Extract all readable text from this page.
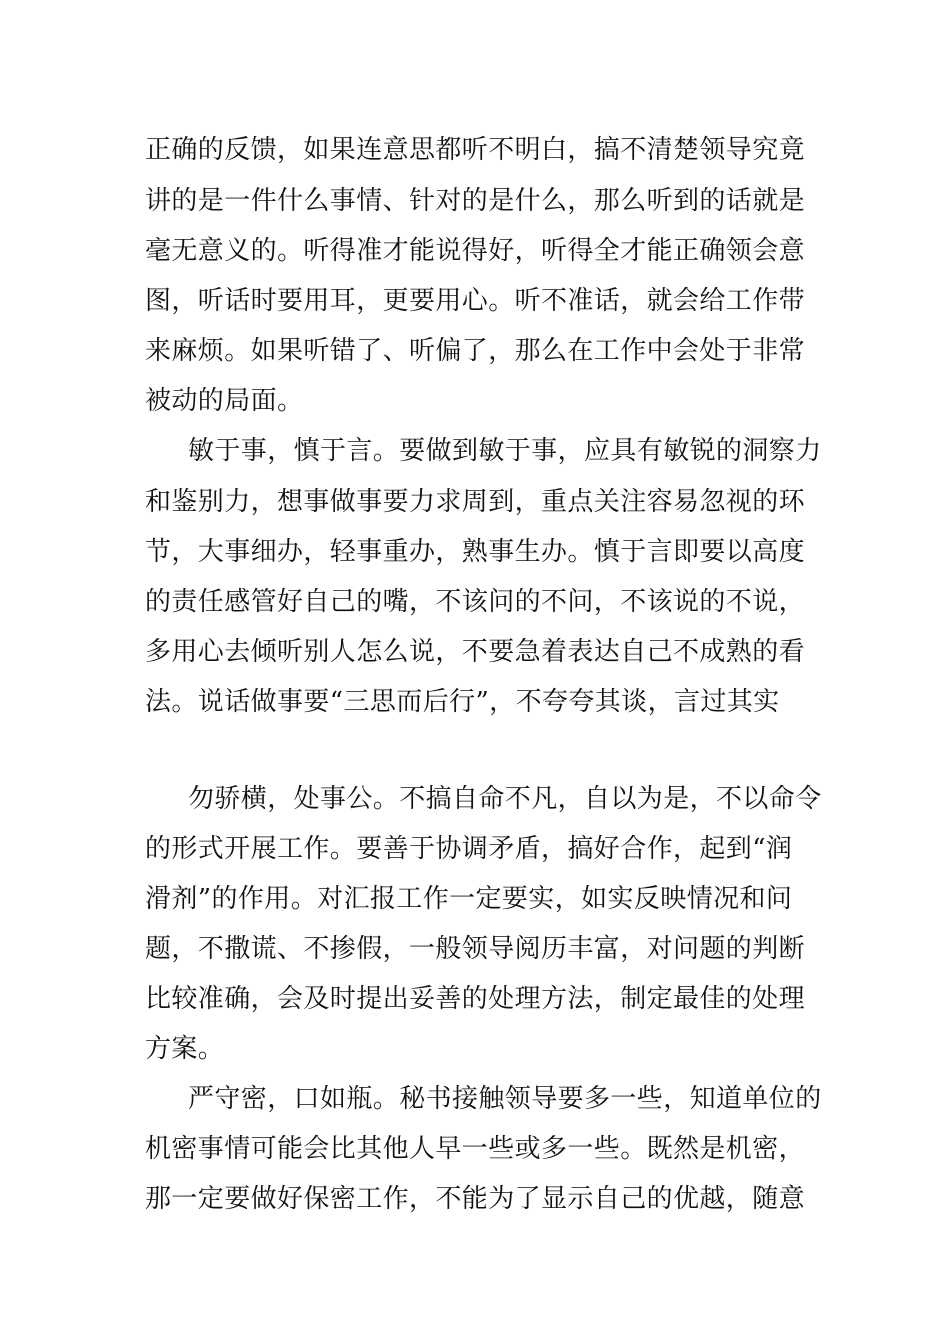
正确的反馈，如果连意思都听不明白，搞不清楚领导究竟
讲的是一件什么事情、针对的是什么，那么听到的话就是
毫无意义的。听得准才能说得好，听得全才能正确领会意
图，听话时要用耳，更要用心。听不准话，就会给工作带
来麻烦。如果听错了、听偏了，那么在工作中会处于非常
被动的局面。
敏于事，慎于言。要做到敏于事，应具有敏锐的洞察力
和鉴别力，想事做事要力求周到，重点关注容易忽视的环
节，大事细办，轻事重办，熟事生办。慎于言即要以高度
的责任感管好自己的嘴，不该问的不问，不该说的不说，
多用心去倾听别人怎么说，不要急着表达自己不成熟的看
法。说话做事要“三思而后行”，不夸夸其谈，言过其实
勿骄横，处事公。不搞自命不凡，自以为是，不以命令
的形式开展工作。要善于协调矛盾，搞好合作，起到“润
滑剂”的作用。对汇报工作一定要实，如实反映情况和问
题，不撒谎、不掺假，一般领导阅历丰富，对问题的判断
比较准确，会及时提出妥善的处理方法，制定最佳的处理
方案。
严守密，口如瓶。秘书接触领导要多一些，知道单位的
机密事情可能会比其他人早一些或多一些。既然是机密，
那一定要做好保密工作，不能为了显示自己的优越，随意
